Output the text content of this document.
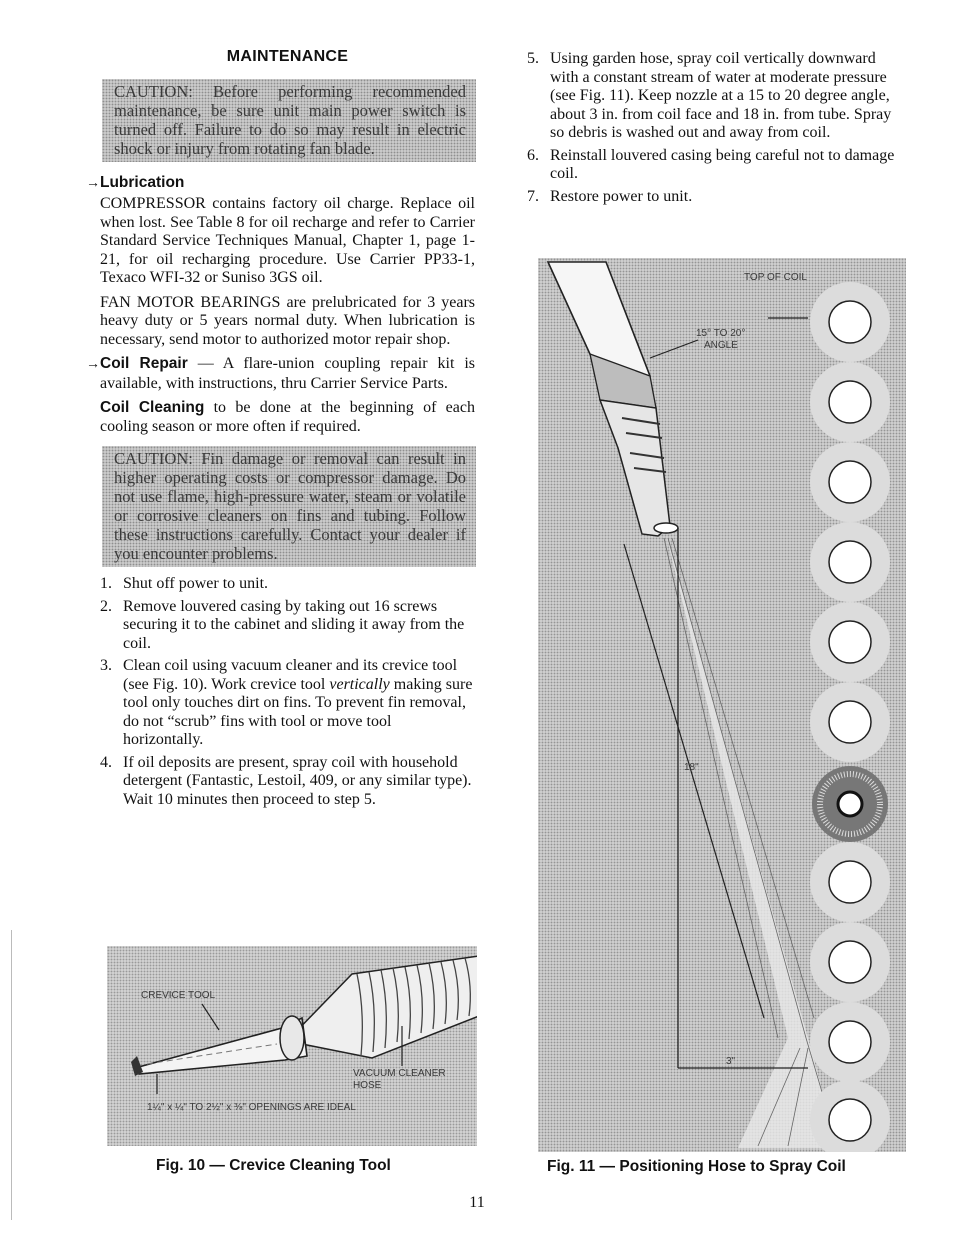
MAINTENANCE
CAUTION: Before performing recommended maintenance, be sure unit main power switch is turned off. Failure to do so may result in electric shock or injury from rotating fan blade.
→Lubrication

COMPRESSOR contains factory oil charge. Replace oil when lost. See Table 8 for oil recharge and refer to Carrier Standard Service Techniques Manual, Chapter 1, page 1-21, for oil recharging procedure. Use Carrier PP33-1, Texaco WFI-32 or Suniso 3GS oil.

FAN MOTOR BEARINGS are prelubricated for 3 years heavy duty or 5 years normal duty. When lubrication is necessary, send motor to authorized motor repair shop.

→Coil Repair — A flare-union coupling repair kit is available, with instructions, thru Carrier Service Parts.

Coil Cleaning to be done at the beginning of each cooling season or more often if required.

CAUTION: Fin damage or removal can result in higher operating costs or compressor damage. Do not use flame, high-pressure water, steam or volatile or corrosive cleaners on fins and tubing. Follow these instructions carefully. Contact your dealer if you encounter problems.
1. Shut off power to unit.
2. Remove louvered casing by taking out 16 screws securing it to the cabinet and sliding it away from the coil.
3. Clean coil using vacuum cleaner and its crevice tool (see Fig. 10). Work crevice tool vertically making sure tool only touches dirt on fins. To prevent fin removal, do not “scrub” fins with tool or move tool horizontally.
4. If oil deposits are present, spray coil with household detergent (Fantastic, Lestoil, 409, or any similar type). Wait 10 minutes then proceed to step 5.
5. Using garden hose, spray coil vertically downward with a constant stream of water at moderate pressure (see Fig. 11). Keep nozzle at a 15 to 20 degree angle, about 3 in. from coil face and 18 in. from tube. Spray so debris is washed out and away from coil.
6. Reinstall louvered casing being careful not to damage coil.
7. Restore power to unit.
CREVICE TOOL
VACUUM CLEANER
HOSE
1¼" x ¼" TO 2½" x ⅜" OPENINGS ARE IDEAL
Fig. 10 — Crevice Cleaning Tool
TOP OF COIL
15° TO 20°
ANGLE
18"
3"
Fig. 11 — Positioning Hose to Spray Coil
11
